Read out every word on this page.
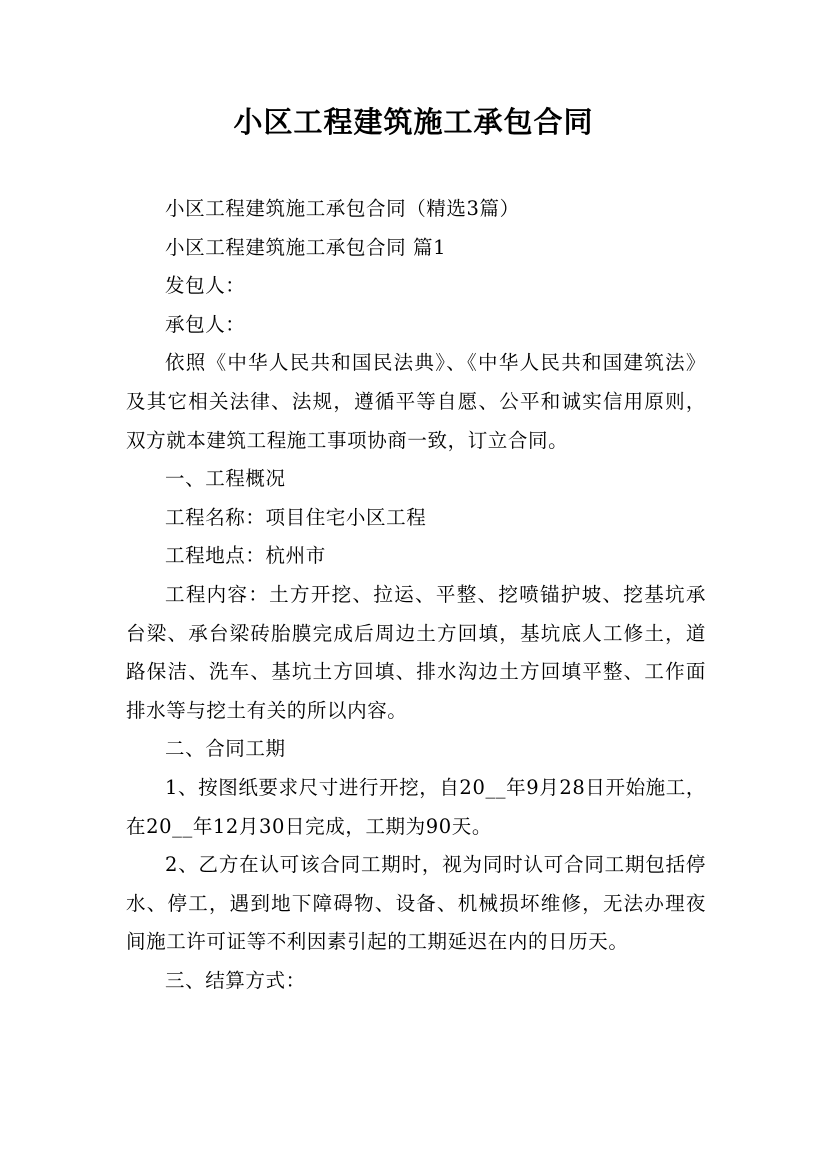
小区工程建筑施工承包合同

小区工程建筑施工承包合同（精选3篇）

小区工程建筑施工承包合同 篇1

发包人：

承包人：

依照《中华人民共和国民法典》、《中华人民共和国建筑法》及其它相关法律、法规，遵循平等自愿、公平和诚实信用原则，双方就本建筑工程施工事项协商一致，订立合同。

一、工程概况

工程名称：项目住宅小区工程

工程地点：杭州市

工程内容：土方开挖、拉运、平整、挖喷锚护坡、挖基坑承台梁、承台梁砖胎膜完成后周边土方回填，基坑底人工修土，道路保洁、洗车、基坑土方回填、排水沟边土方回填平整、工作面排水等与挖土有关的所以内容。

二、合同工期

1、按图纸要求尺寸进行开挖，自20__年9月28日开始施工，在20__年12月30日完成，工期为90天。

2、乙方在认可该合同工期时，视为同时认可合同工期包括停水、停工，遇到地下障碍物、设备、机械损坏维修，无法办理夜间施工许可证等不利因素引起的工期延迟在内的日历天。

三、结算方式：
